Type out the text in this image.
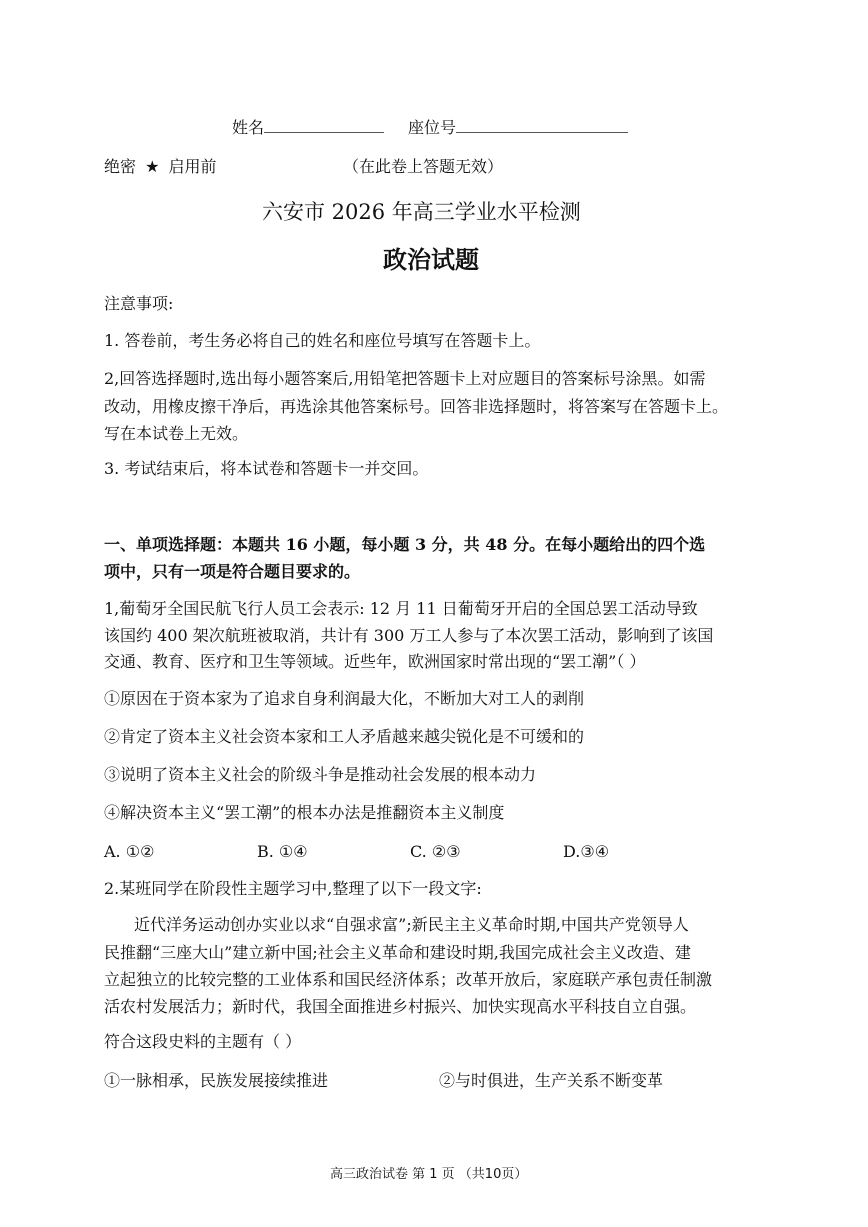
姓名	座位号
绝密 ★ 启用前	（在此卷上答题无效）
六安市 2026 年高三学业水平检测
政治试题
注意事项:
1. 答卷前，考生务必将自己的姓名和座位号填写在答题卡上。
2,回答选择题时,选出每小题答案后,用铅笔把答题卡上对应题目的答案标号涂黑。如需
改动，用橡皮擦干净后，再选涂其他答案标号。回答非选择题时，将答案写在答题卡上。
写在本试卷上无效。
3. 考试结束后，将本试卷和答题卡一并交回。
一、单项选择题：本题共 16 小题，每小题 3 分，共 48 分。在每小题给出的四个选
项中，只有一项是符合题目要求的。
1,葡萄牙全国民航飞行人员工会表示: 12 月 11 日葡萄牙开启的全国总罢工活动导致
该国约 400 架次航班被取消，共计有 300 万工人参与了本次罢工活动，影响到了该国
交通、教育、医疗和卫生等领域。近些年，欧洲国家时常出现的“罢工潮”（ ）
①原因在于资本家为了追求自身利润最大化，不断加大对工人的剥削
②肯定了资本主义社会资本家和工人矛盾越来越尖锐化是不可缓和的
③说明了资本主义社会的阶级斗争是推动社会发展的根本动力
④解决资本主义“罢工潮”的根本办法是推翻资本主义制度
A. ①②	B. ①④	C. ②③	D.③④
2.某班同学在阶段性主题学习中,整理了以下一段文字:
近代洋务运动创办实业以求“自强求富”;新民主主义革命时期,中国共产党领导人
民推翻“三座大山”建立新中国;社会主义革命和建设时期,我国完成社会主义改造、建
立起独立的比较完整的工业体系和国民经济体系；改革开放后，家庭联产承包责任制激
活农村发展活力；新时代，我国全面推进乡村振兴、加快实现高水平科技自立自强。
符合这段史料的主题有（ ）
①一脉相承，民族发展接续推进	②与时俱进，生产关系不断变革
高三政治试卷 第 1 页 （共10页）
